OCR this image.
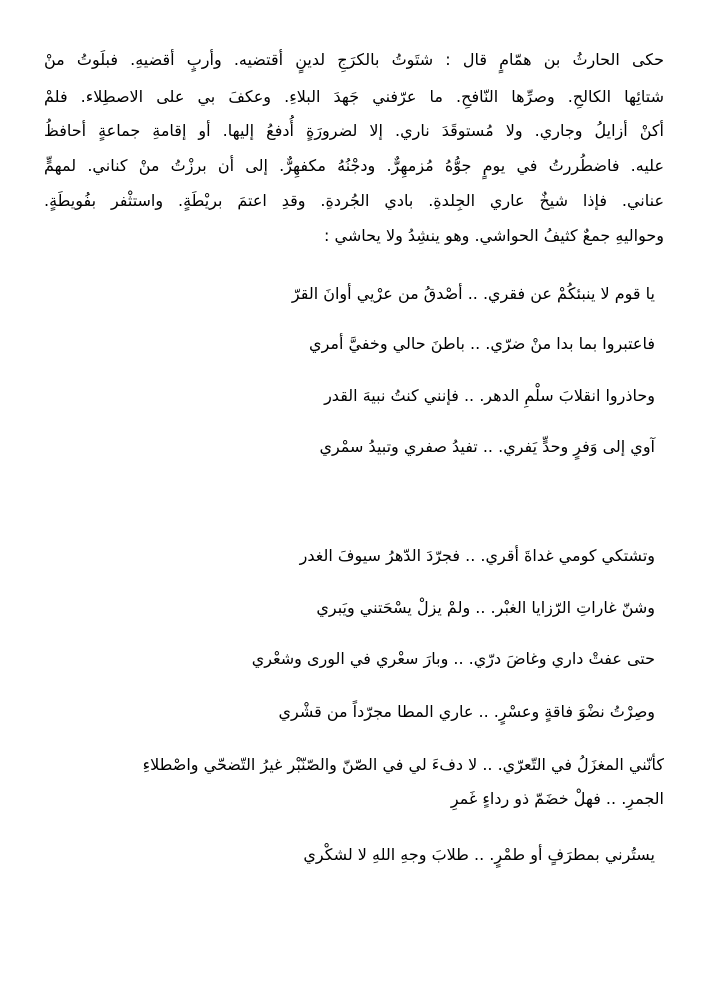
حكى الحارثُ بن همّامٍ قال : شتَوتُ بالكرَجِ لدينٍ أقتضيه. وأربٍ أقضيهِ. فبلَوتُ منْ
شتائِها الكالحِ. وصرِّها النّافحِ. ما عرّفني جَهدَ البلاءِ. وعكفَ بي على الاصطِلاء. فلمْ
أكنْ أزايلُ وجاري. ولا مُستوقَدَ ناري. إلا لضرورَةٍ أُدفعُ إليها. أو إقامةِ جماعةٍ أحافظُ
عليه. فاضطُررتُ في يومٍ جوُّهُ مُزمهِرٌّ. ودجْنُهُ مكفهِرٌّ. إلى أن برزْتُ منْ كناني. لمهمٍّ
عناني. فإذا شيخٌ عاري الجِلدةِ. بادي الجُردةِ. وقدِ اعتمَ بريْطَةٍ. واستثْفر بفُويطَةٍ.
وحواليهِ جمعٌ كثيفُ الحواشي. وهو ينشِدُ ولا يحاشي :
يا قوم لا ينبئكُمْ عن فقري. .. أصْدقُ من عرْيي أوانَ القرّ
فاعتبروا بما بدا منْ ضرّي. .. باطنَ حالي وخفيَّ أمري
وحاذروا انقلابَ سلْمِ الدهر. .. فإنني كنتُ نبيهَ القدر
آوي إلى وَفرٍ وحدٍّ يَفري. .. تفيدُ صفري وتبيدُ سمْري
وتشتكي كومي غداةَ أقري. .. فجرّدَ الدّهرُ سيوفَ الغدر
وشنّ غاراتِ الرّزايا الغبْر. .. ولمْ يزلْ يسْحَتني ويَبري
حتى عفتْ داري وغاضَ درّي. .. وبارَ سعْري في الورى وشعْري
وصِرْتُ نضْوَ فاقةٍ وعسْرٍ. .. عاري المطا مجرّداً من قشْري
كأنّني المغزَلُ في التّعرّي. .. لا دفءَ لي في الصّنّ والصّنّبْر غيرُ التّضحّي واصْطلاءِ
الجمرِ. .. فهلْ خضَمّ ذو رداءٍ غَمرِ
يستُرني بمطرَفٍ أو طمْرٍ. .. طلابَ وجهِ اللهِ لا لشكْري
